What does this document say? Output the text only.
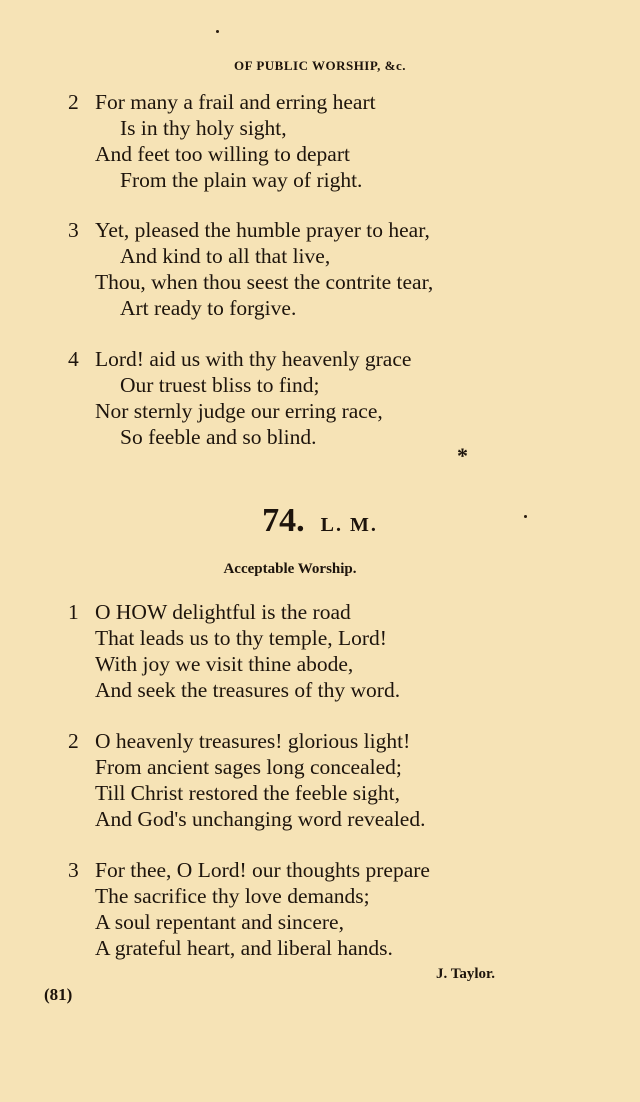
OF PUBLIC WORSHIP, &c.
2 For many a frail and erring heart
Is in thy holy sight,
And feet too willing to depart
From the plain way of right.
3 Yet, pleased the humble prayer to hear,
And kind to all that live,
Thou, when thou seest the contrite tear,
Art ready to forgive.
4 Lord! aid us with thy heavenly grace
Our truest bliss to find;
Nor sternly judge our erring race,
So feeble and so blind.
*
74. L. M.
Acceptable Worship.
1 O HOW delightful is the road
That leads us to thy temple, Lord!
With joy we visit thine abode,
And seek the treasures of thy word.
2 O heavenly treasures! glorious light!
From ancient sages long concealed;
Till Christ restored the feeble sight,
And God's unchanging word revealed.
3 For thee, O Lord! our thoughts prepare
The sacrifice thy love demands;
A soul repentant and sincere,
A grateful heart, and liberal hands.
J. Taylor.
(81)
